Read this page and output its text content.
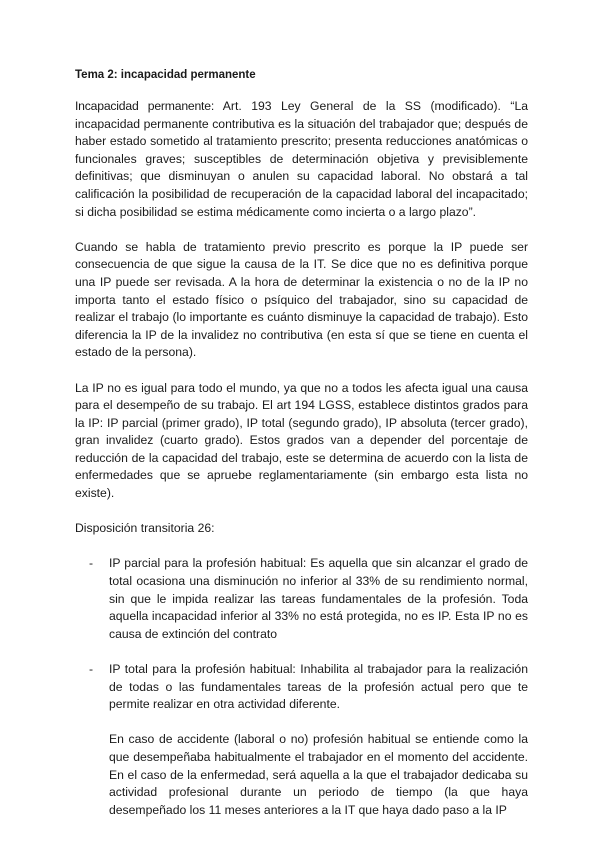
Tema 2: incapacidad permanente

Incapacidad permanente: Art. 193 Ley General de la SS (modificado). “La incapacidad permanente contributiva es la situación del trabajador que; después de haber estado sometido al tratamiento prescrito; presenta reducciones anatómicas o funcionales graves; susceptibles de determinación objetiva y previsiblemente definitivas; que disminuyan o anulen su capacidad laboral. No obstará a tal calificación la posibilidad de recuperación de la capacidad laboral del incapacitado; si dicha posibilidad se estima médicamente como incierta o a largo plazo”.

Cuando se habla de tratamiento previo prescrito es porque la IP puede ser consecuencia de que sigue la causa de la IT. Se dice que no es definitiva porque una IP puede ser revisada. A la hora de determinar la existencia o no de la IP no importa tanto el estado físico o psíquico del trabajador, sino su capacidad de realizar el trabajo (lo importante es cuánto disminuye la capacidad de trabajo). Esto diferencia la IP de la invalidez no contributiva (en esta sí que se tiene en cuenta el estado de la persona).

La IP no es igual para todo el mundo, ya que no a todos les afecta igual una causa para el desempeño de su trabajo. El art 194 LGSS, establece distintos grados para la IP: IP parcial (primer grado), IP total (segundo grado), IP absoluta (tercer grado), gran invalidez (cuarto grado). Estos grados van a depender del porcentaje de reducción de la capacidad del trabajo, este se determina de acuerdo con la lista de enfermedades que se apruebe reglamentariamente (sin embargo esta lista no existe).

Disposición transitoria 26:

- IP parcial para la profesión habitual: Es aquella que sin alcanzar el grado de total ocasiona una disminución no inferior al 33% de su rendimiento normal, sin que le impida realizar las tareas fundamentales de la profesión. Toda aquella incapacidad inferior al 33% no está protegida, no es IP. Esta IP no es causa de extinción del contrato

- IP total para la profesión habitual: Inhabilita al trabajador para la realización de todas o las fundamentales tareas de la profesión actual pero que te permite realizar en otra actividad diferente.

En caso de accidente (laboral o no) profesión habitual se entiende como la que desempeñaba habitualmente el trabajador en el momento del accidente. En el caso de la enfermedad, será aquella a la que el trabajador dedicaba su actividad profesional durante un periodo de tiempo (la que haya desempeñado los 11 meses anteriores a la IT que haya dado paso a la IP
